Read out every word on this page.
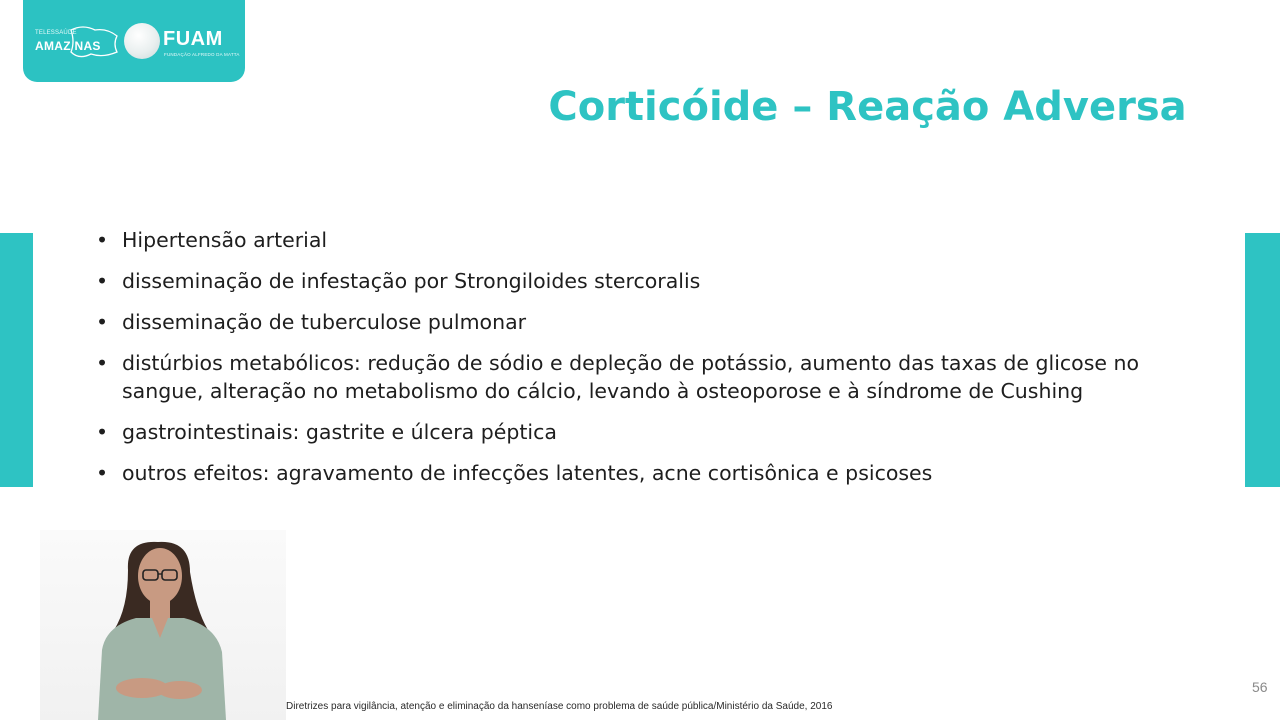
TELESSAÚDE
AMAZ NAS	FUAM
FUNDAÇÃO ALFREDO DA MATTA
Corticóide – Reação Adversa
• Hipertensão arterial
• disseminação de infestação por Strongiloides stercoralis
• disseminação de tuberculose pulmonar
• distúrbios metabólicos: redução de sódio e depleção de potássio, aumento das taxas de glicose no sangue, alteração no metabolismo do cálcio, levando à osteoporose e à síndrome de Cushing
• gastrointestinais: gastrite e úlcera péptica
• outros efeitos: agravamento de infecções latentes, acne cortisônica e psicoses
Diretrizes para vigilância, atenção e eliminação da hanseníase como problema de saúde pública/Ministério da Saúde, 2016
56
